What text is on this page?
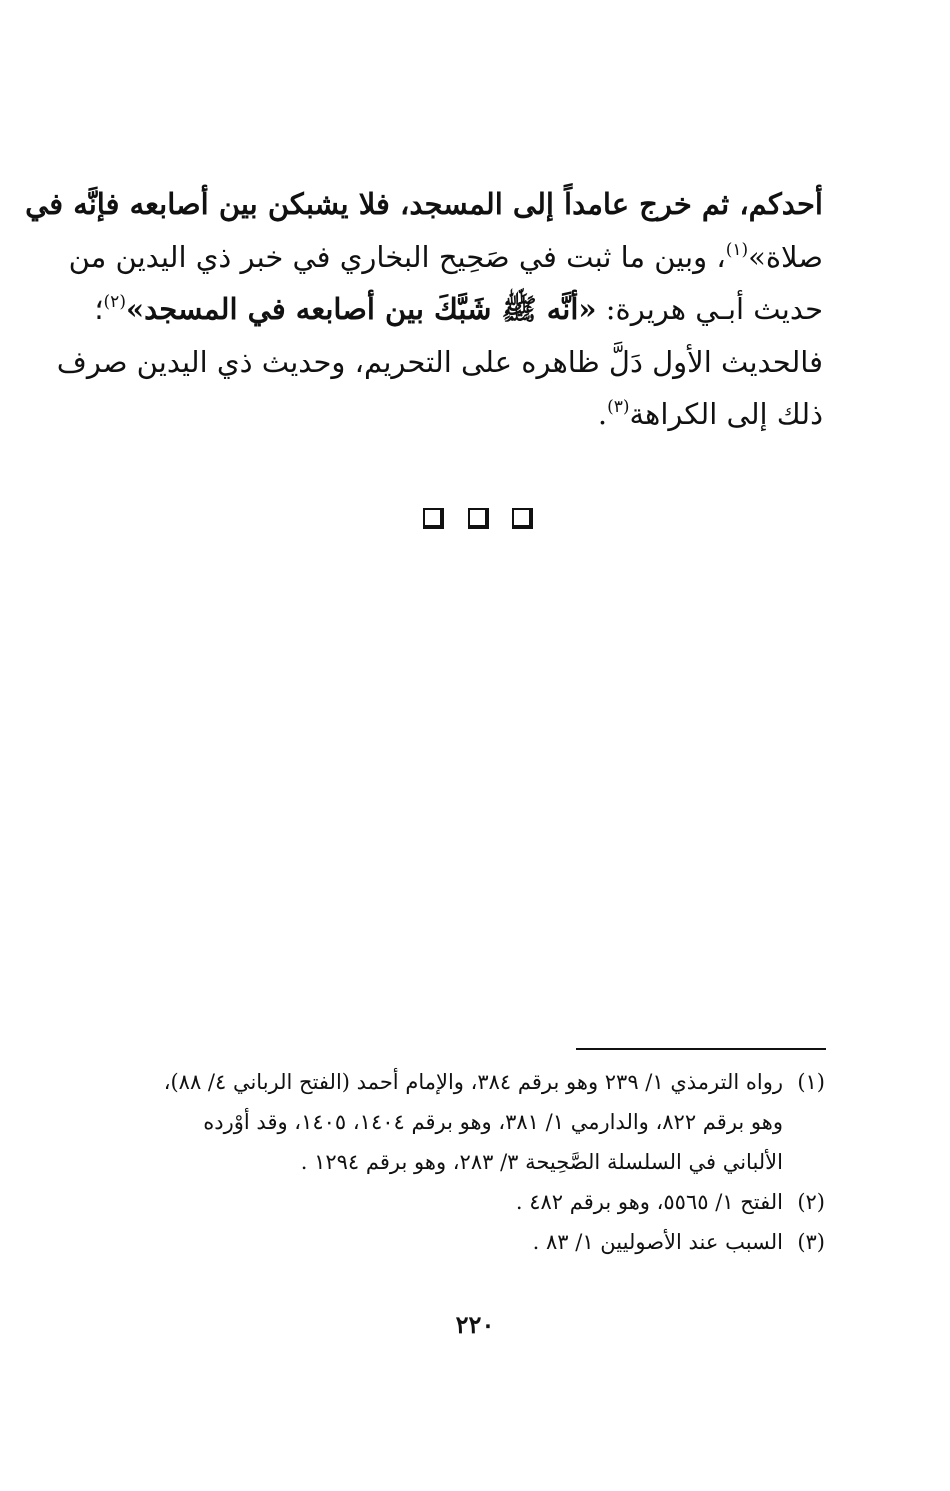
أحدكم، ثم خرج عامداً إلى المسجد، فلا يشبكن بين أصابعه فإنَّه في
صلاة»$^{(١)}$، وبين ما ثبت في صَحِيح البخاري في خبر ذي اليدين من
حديث أبـي هريرة: «أنَّه ﷺ شَبَّكَ بين أصابعه في المسجد»$^{(٢)}$؛
فالحديث الأول دَلَّ ظاهره على التحريم، وحديث ذي اليدين صرف
ذلك إلى الكراهة$^{(٣)}$.
(١)رواه الترمذي ١/ ٢٣٩ وهو برقم ٣٨٤، والإمام أحمد (الفتح الرباني ٤/ ٨٨)،
وهو برقم ٨٢٢، والدارمي ١/ ٣٨١، وهو برقم ١٤٠٤، ١٤٠٥، وقد أوْرده
الألباني في السلسلة الصَّحِيحة ٣/ ٢٨٣، وهو برقم ١٢٩٤ .
(٢)الفتح ١/ ٥٥٦٥، وهو برقم ٤٨٢ .
(٣)السبب عند الأصوليين ١/ ٨٣ .
٢٢٠
